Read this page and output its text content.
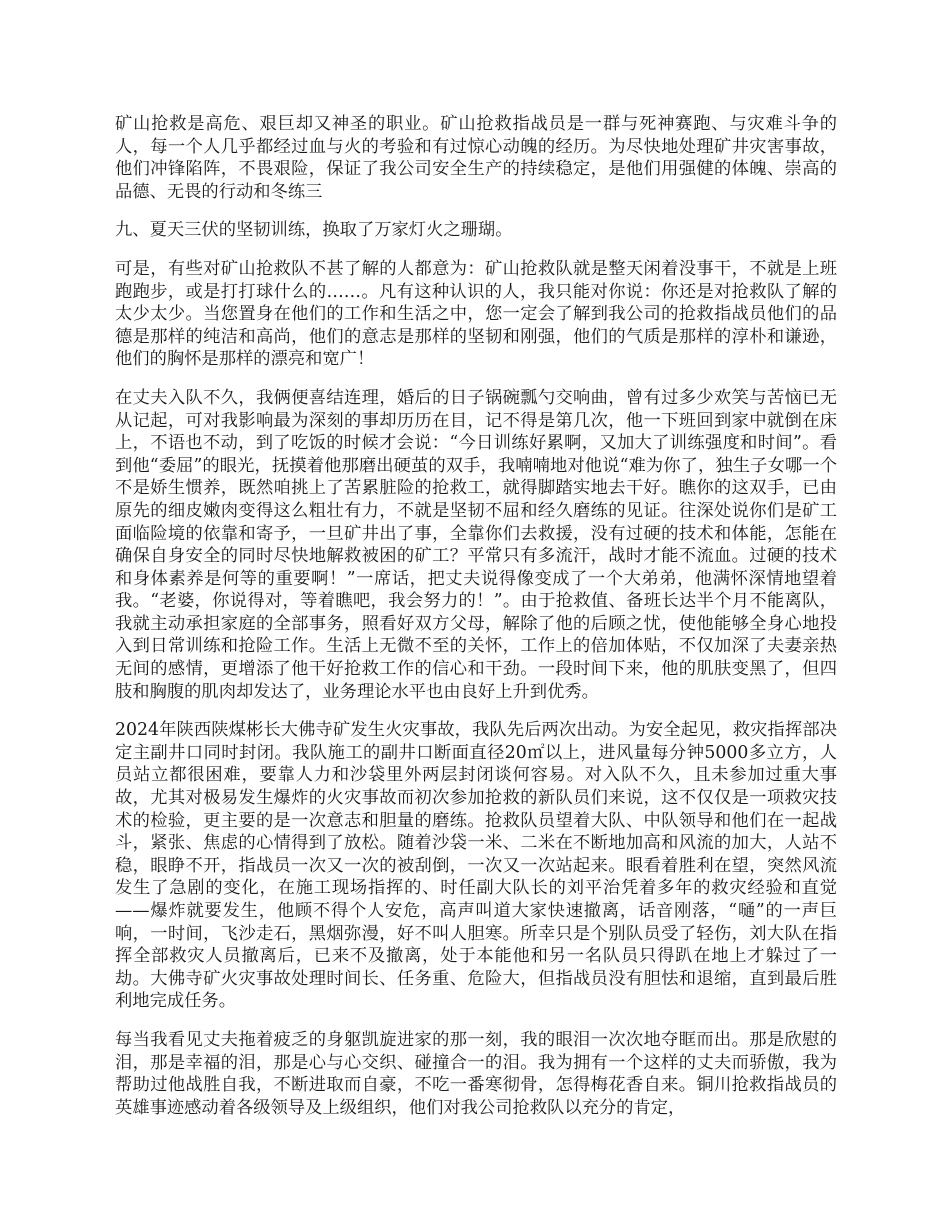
矿山抢救是高危、艰巨却又神圣的职业。矿山抢救指战员是一群与死神赛跑、与灾难斗争的人，每一个人几乎都经过血与火的考验和有过惊心动魄的经历。为尽快地处理矿井灾害事故，他们冲锋陷阵，不畏艰险，保证了我公司安全生产的持续稳定，是他们用强健的体魄、崇高的品德、无畏的行动和冬练三

九、夏天三伏的坚韧训练，换取了万家灯火之珊瑚。

可是，有些对矿山抢救队不甚了解的人都意为：矿山抢救队就是整天闲着没事干，不就是上班跑跑步，或是打打球什么的……。凡有这种认识的人，我只能对你说：你还是对抢救队了解的太少太少。当您置身在他们的工作和生活之中，您一定会了解到我公司的抢救指战员他们的品德是那样的纯洁和高尚，他们的意志是那样的坚韧和刚强，他们的气质是那样的淳朴和谦逊，他们的胸怀是那样的漂亮和宽广！

在丈夫入队不久，我俩便喜结连理，婚后的日子锅碗瓢勺交响曲，曾有过多少欢笑与苦恼已无从记起，可对我影响最为深刻的事却历历在目，记不得是第几次，他一下班回到家中就倒在床上，不语也不动，到了吃饭的时候才会说：“今日训练好累啊，又加大了训练强度和时间”。看到他“委屈”的眼光，抚摸着他那磨出硬茧的双手，我喃喃地对他说“难为你了，独生子女哪一个不是娇生惯养，既然咱挑上了苦累脏险的抢救工，就得脚踏实地去干好。瞧你的这双手，已由原先的细皮嫩肉变得这么粗壮有力，不就是坚韧不屈和经久磨练的见证。往深处说你们是矿工面临险境的依靠和寄予，一旦矿井出了事，全靠你们去救援，没有过硬的技术和体能，怎能在确保自身安全的同时尽快地解救被困的矿工？平常只有多流汗，战时才能不流血。过硬的技术和身体素养是何等的重要啊！”一席话，把丈夫说得像变成了一个大弟弟，他满怀深情地望着我。“老婆，你说得对，等着瞧吧，我会努力的！”。由于抢救值、备班长达半个月不能离队，我就主动承担家庭的全部事务，照看好双方父母，解除了他的后顾之忧，使他能够全身心地投入到日常训练和抢险工作。生活上无微不至的关怀，工作上的倍加体贴，不仅加深了夫妻亲热无间的感情，更增添了他干好抢救工作的信心和干劲。一段时间下来，他的肌肤变黑了，但四肢和胸腹的肌肉却发达了，业务理论水平也由良好上升到优秀。

2024年陕西陕煤彬长大佛寺矿发生火灾事故，我队先后两次出动。为安全起见，救灾指挥部决定主副井口同时封闭。我队施工的副井口断面直径20㎡以上，进风量每分钟5000多立方，人员站立都很困难，要靠人力和沙袋里外两层封闭谈何容易。对入队不久，且未参加过重大事故，尤其对极易发生爆炸的火灾事故而初次参加抢救的新队员们来说，这不仅仅是一项救灾技术的检验，更主要的是一次意志和胆量的磨练。抢救队员望着大队、中队领导和他们在一起战斗，紧张、焦虑的心情得到了放松。随着沙袋一米、二米在不断地加高和风流的加大，人站不稳，眼睁不开，指战员一次又一次的被刮倒，一次又一次站起来。眼看着胜利在望，突然风流发生了急剧的变化，在施工现场指挥的、时任副大队长的刘平治凭着多年的救灾经验和直觉——爆炸就要发生，他顾不得个人安危，高声叫道大家快速撤离，话音刚落，“嗵”的一声巨响，一时间，飞沙走石，黑烟弥漫，好不叫人胆寒。所幸只是个别队员受了轻伤，刘大队在指挥全部救灾人员撤离后，已来不及撤离，处于本能他和另一名队员只得趴在地上才躲过了一劫。大佛寺矿火灾事故处理时间长、任务重、危险大，但指战员没有胆怯和退缩，直到最后胜利地完成任务。

每当我看见丈夫拖着疲乏的身躯凯旋进家的那一刻，我的眼泪一次次地夺眶而出。那是欣慰的泪，那是幸福的泪，那是心与心交织、碰撞合一的泪。我为拥有一个这样的丈夫而骄傲，我为帮助过他战胜自我，不断进取而自豪，不吃一番寒彻骨，怎得梅花香自来。铜川抢救指战员的英雄事迹感动着各级领导及上级组织，他们对我公司抢救队以充分的肯定，
